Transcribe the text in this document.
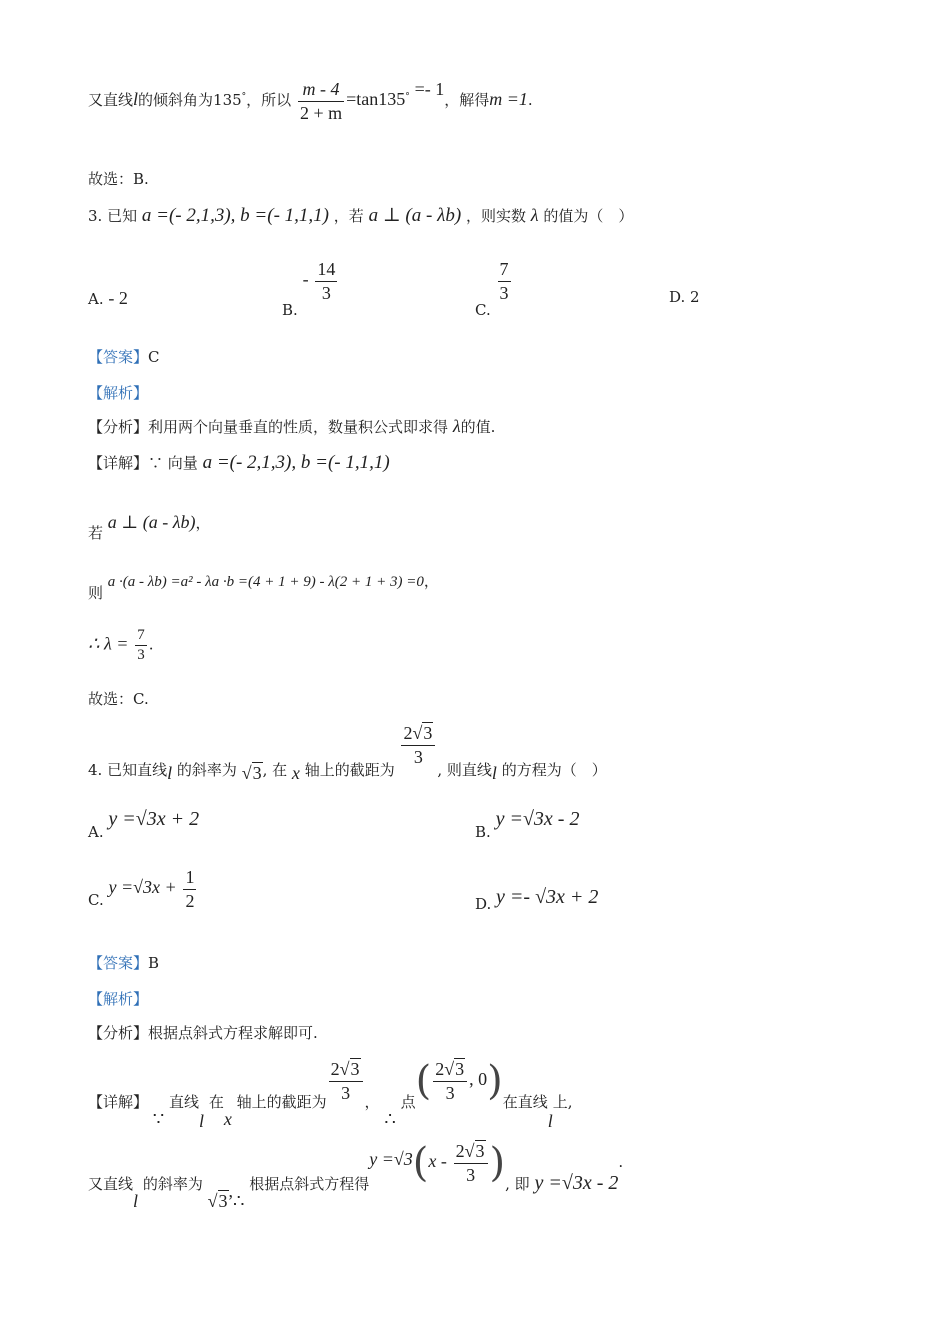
又直线l的倾斜角为135°，所以 $\frac{m - 4}{2 + m} =\tan 135^\circ =- 1$，解得m =1.
故选：B.
3. 已知 a =(- 2,1,3), b =(- 1,1,1) ，若 a ⊥ (a - λb) ，则实数 λ 的值为（　）
A. - 2
B. - $\frac{14}{3}$
C.
$\frac{7}{3}$	D. 2
【答案】C
【解析】
【分析】利用两个向量垂直的性质，数量积公式即求得 λ的值.
【详解】∵ 向量 a =(- 2,1,3), b =(- 1,1,1)
若 a ⊥ (a - λb)，
则 a ·(a - λb) =a² - λa ·b =(4 + 1 + 9) - λ(2 + 1 + 3) =0，
∴ $\lambda = \frac{7}{3}$ .
故选：C.
4. 已知直线l 的斜率为 √3, 在 x 轴上的截距为
$\frac{2√3}{3}$
, 则直线l 的方程为（　）
A. y =√3x + 2
B. y =√3x - 2
C. $y =√3x + \frac{1}{2}$	D. y =- √3x + 2
【答案】B
【解析】
【分析】根据点斜式方程求解即可.
【详解】 ∵ 直线l 在x 轴上的截距为 $\frac{2√3}{3}$ ， ∴ 点( $\frac{2√3}{3}$ , 0)在直线l上,
又直线l 的斜率为 √3,∴ 根据点斜式方程得$y =√3(x - \frac{2√3}{3}$ ), 即 y =√3x - 2.
